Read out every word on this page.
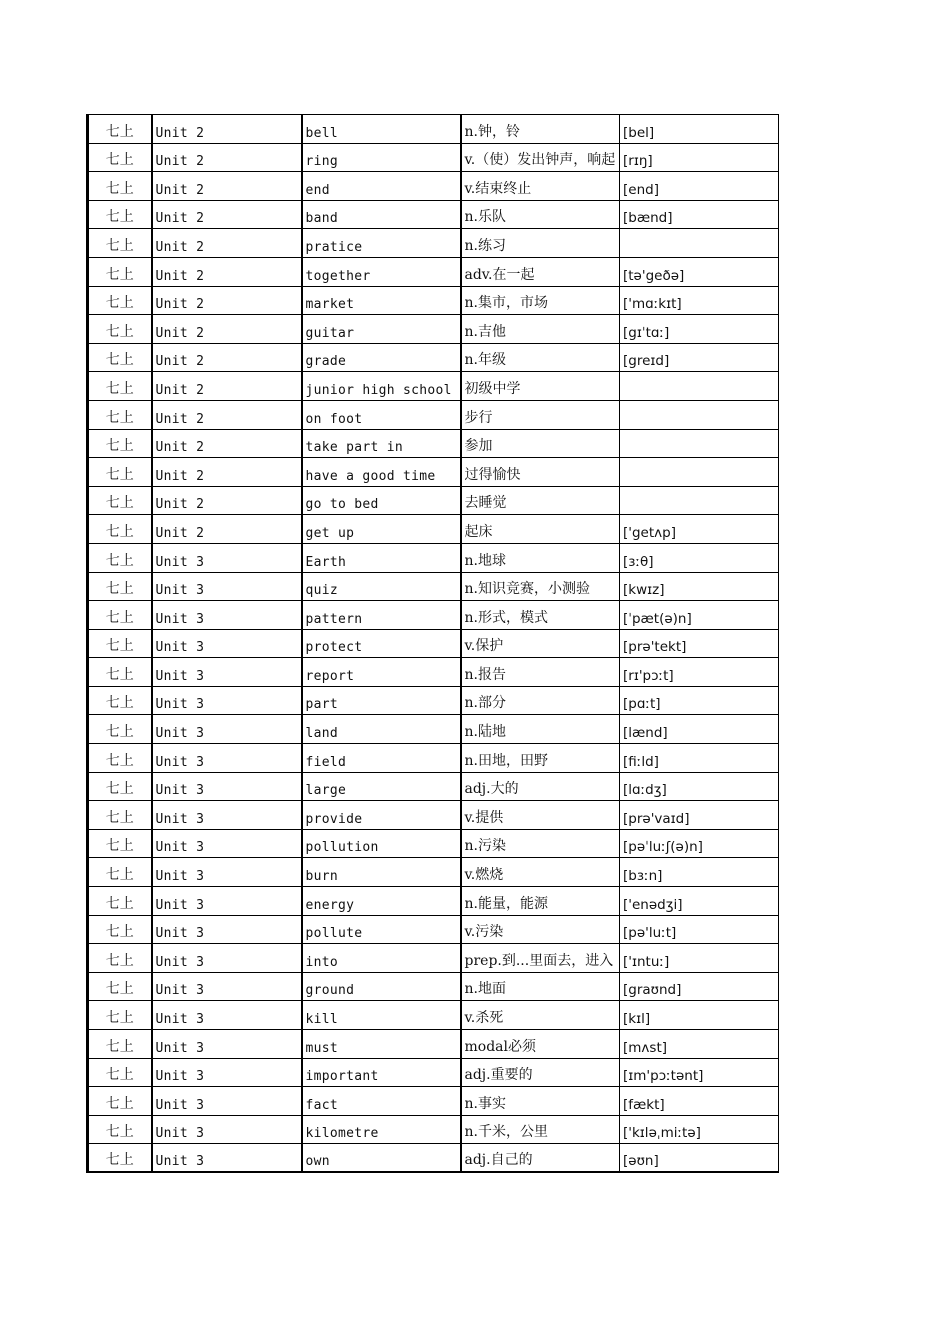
七上	Unit 2	bell	n.钟，铃	[bel]
七上	Unit 2	ring	v.（使）发出钟声，响起	[rɪŋ]
七上	Unit 2	end	v.结束终止	[end]
七上	Unit 2	band	n.乐队	[bænd]
七上	Unit 2	pratice	n.练习	
七上	Unit 2	together	adv.在一起	[tə'geðə]
七上	Unit 2	market	n.集市，市场	['mɑːkɪt]
七上	Unit 2	guitar	n.吉他	[gɪˈtɑː]
七上	Unit 2	grade	n.年级	[greɪd]
七上	Unit 2	junior high school	初级中学	
七上	Unit 2	on foot	步行	
七上	Unit 2	take part in	参加	
七上	Unit 2	have a good time	过得愉快	
七上	Unit 2	go to bed	去睡觉	
七上	Unit 2	get up	起床	['getʌp]
七上	Unit 3	Earth	n.地球	[ɜːθ]
七上	Unit 3	quiz	n.知识竞赛，小测验	[kwɪz]
七上	Unit 3	pattern	n.形式，模式	[ˈpæt(ə)n]
七上	Unit 3	protect	v.保护	[prə'tekt]
七上	Unit 3	report	n.报告	[rɪ'pɔːt]
七上	Unit 3	part	n.部分	[pɑːt]
七上	Unit 3	land	n.陆地	[lænd]
七上	Unit 3	field	n.田地，田野	[fiːld]
七上	Unit 3	large	adj.大的	[lɑːdʒ]
七上	Unit 3	provide	v.提供	[prə'vaɪd]
七上	Unit 3	pollution	n.污染	[pəˈluːʃ(ə)n]
七上	Unit 3	burn	v.燃烧	[bɜːn]
七上	Unit 3	energy	n.能量，能源	['enədʒi]
七上	Unit 3	pollute	v.污染	[pə'luːt]
七上	Unit 3	into	prep.到...里面去，进入	['ɪntuː]
七上	Unit 3	ground	n.地面	[graʊnd]
七上	Unit 3	kill	v.杀死	[kɪl]
七上	Unit 3	must	modal必须	[mʌst]
七上	Unit 3	important	adj.重要的	[ɪm'pɔːtənt]
七上	Unit 3	fact	n.事实	[fækt]
七上	Unit 3	kilometre	n.千米，公里	['kɪləˌmiːtə]
七上	Unit 3	own	adj.自己的	[əʊn]
